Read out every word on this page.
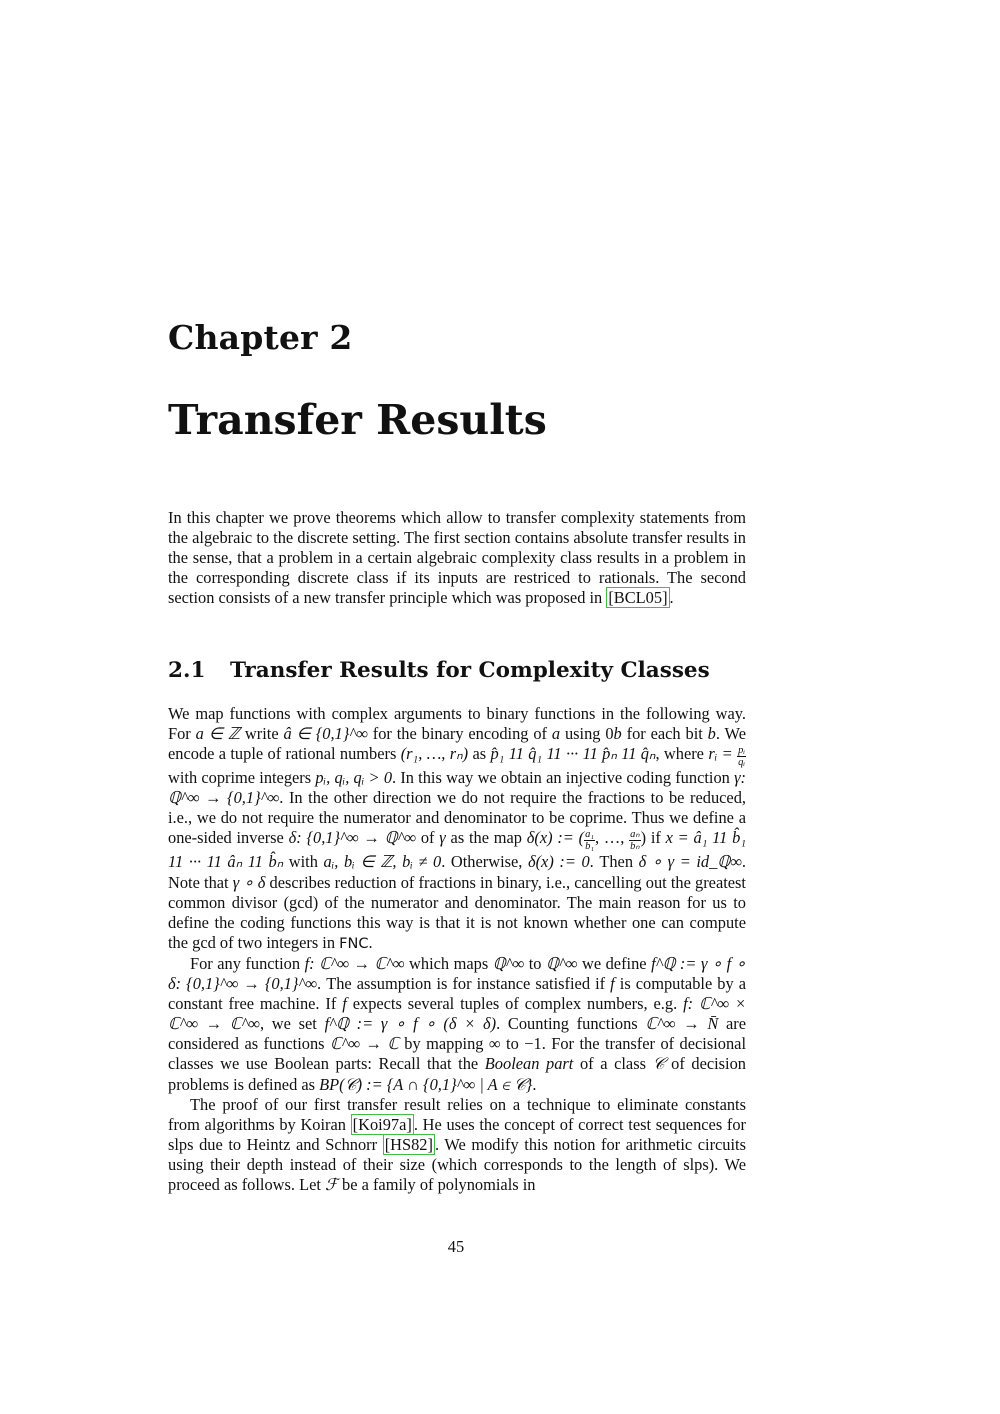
Chapter 2
Transfer Results

In this chapter we prove theorems which allow to transfer complexity statements from the algebraic to the discrete setting. The first section contains absolute transfer results in the sense, that a problem in a certain algebraic complexity class results in a problem in the corresponding discrete class if its inputs are restriced to rationals. The second section consists of a new transfer principle which was proposed in [BCL05] .

2.1 Transfer Results for Complexity Classes

We map functions with complex arguments to binary functions in the following way. For a ∈ ℤ write â ∈ {0,1}^∞ for the binary encoding of a using 0b for each bit b. We encode a tuple of rational numbers (r₁, …, rₙ) as p̂₁ 11 q̂₁ 11 ··· 11 p̂ₙ 11 q̂ₙ, where rᵢ = $\frac{\text{pᵢ}}{\text{qᵢ}}$
with coprime integers pᵢ, qᵢ, qᵢ > 0. In this way we obtain an injective coding function γ: ℚ^∞ → {0,1}^∞. In the other direction we do not require the fractions to be reduced, i.e., we do not require the numerator and denominator to be coprime. Thus we define a one-sided inverse δ: {0,1}^∞ → ℚ^∞ of γ as the map δ(x) := ( $\frac{\text{a₁}}{\text{b₁}}$ , …, $\frac{\text{aₙ}}{\text{bₙ}}$ ) if x = â₁ 11 b̂₁ 11 ··· 11 âₙ 11 b̂ₙ with aᵢ, bᵢ ∈ ℤ, bᵢ ≠ 0. Otherwise, δ(x) := 0. Then δ ∘ γ = id_ℚ∞. Note that γ ∘ δ describes reduction of fractions in binary, i.e., cancelling out the greatest common divisor (gcd) of the numerator and denominator. The main reason for us to define the coding functions this way is that it is not known whether one can compute the gcd of two integers in FNC.

For any function f: ℂ^∞ → ℂ^∞ which maps ℚ^∞ to ℚ^∞ we define f^ℚ := γ ∘ f ∘ δ: {0,1}^∞ → {0,1}^∞. The assumption is for instance satisfied if f is computable by a constant free machine. If f expects several tuples of complex numbers, e.g. f: ℂ^∞ × ℂ^∞ → ℂ^∞, we set f^ℚ := γ ∘ f ∘ (δ × δ). Counting functions ℂ^∞ → N̄ are considered as functions ℂ^∞ → ℂ by mapping ∞ to −1. For the transfer of decisional classes we use Boolean parts: Recall that the Boolean part of a class 𝒞 of decision problems is defined as BP(𝒞) := {A ∩ {0,1}^∞ | A ∈ 𝒞}.

The proof of our first transfer result relies on a technique to eliminate constants from algorithms by Koiran [Koi97a] . He uses the concept of correct test sequences for slps due to Heintz and Schnorr [HS82] . We modify this notion for arithmetic circuits using their depth instead of their size (which corresponds to the length of slps). We proceed as follows. Let ℱ be a family of polynomials in

45
